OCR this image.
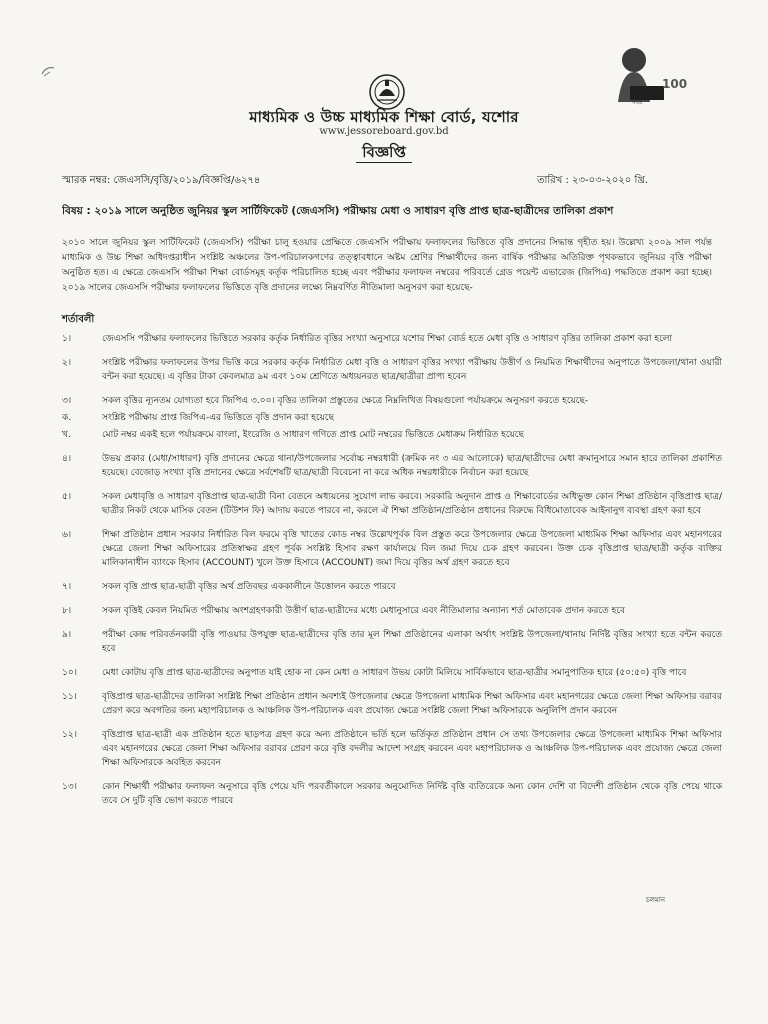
100
বছর
মাধ্যমিক ও উচ্চ মাধ্যমিক শিক্ষা বোর্ড, যশোর
www.jessoreboard.gov.bd
বিজ্ঞপ্তি
স্মারক নম্বর: জেএসসি/বৃত্তি/২০১৯/বিজ্ঞপ্তি/৬২৭৪	তারিখ : ২৩-০৩-২০২০ খ্রি.
বিষয় : ২০১৯ সালে অনুষ্ঠিত জুনিয়র স্কুল সার্টিফিকেট (জেএসসি) পরীক্ষায় মেধা ও সাধারণ বৃত্তি প্রাপ্ত ছাত্র-ছাত্রীদের তালিকা প্রকাশ
২০১০ সালে জুনিয়র স্কুল সার্টিফিকেট (জেএসসি) পরীক্ষা চালু হওয়ার প্রেক্ষিতে জেএসসি পরীক্ষায় ফলাফলের ভিত্তিতে বৃত্তি প্রদানের সিদ্ধান্ত গৃহীত হয়। উল্লেখ্য ২০০৯ সাল পর্যন্ত মাধ্যমিক ও উচ্চ শিক্ষা অধিদপ্তরাধীন সংশ্লিষ্ট অঞ্চলের উপ-পরিচালকগণের তত্ত্বাবধানে অষ্টম শ্রেণির শিক্ষার্থীদের জন্য বার্ষিক পরীক্ষার অতিরিক্ত পৃথকভাবে জুনিয়র বৃত্তি পরীক্ষা অনুষ্ঠিত হত। এ ক্ষেত্রে জেএসসি পরীক্ষা শিক্ষা বোর্ডসমূহ কর্তৃক পরিচালিত হচ্ছে এবং পরীক্ষার ফলাফল নম্বরের পরিবর্তে গ্রেড পয়েন্ট এভারেজ (জিপিএ) পদ্ধতিতে প্রকাশ করা হচ্ছে। ২০১৯ সালের জেএসসি পরীক্ষার ফলাফলের ভিত্তিতে বৃত্তি প্রদানের লক্ষ্যে নিম্নবর্ণিত নীতিমালা অনুসরণ করা হয়েছে-
শর্তাবলী
১।	জেএসসি পরীক্ষার ফলাফলের ভিত্তিতে সরকার কর্তৃক নির্ধারিত বৃত্তির সংখ্যা অনুসারে যশোর শিক্ষা বোর্ড হতে মেধা বৃত্তি ও সাধারণ বৃত্তির তালিকা প্রকাশ করা হলো
২।	সংশ্লিষ্ট পরীক্ষার ফলাফলের উপর ভিত্তি করে সরকার কর্তৃক নির্ধারিত মেধা বৃত্তি ও সাধারণ বৃত্তির সংখ্যা পরীক্ষায় উত্তীর্ণ ও নিয়মিত শিক্ষার্থীদের অনুপাতে উপজেলা/থানা ওয়ারী বন্টন করা হয়েছে। এ বৃত্তির টাকা কেবলমাত্র ৯ম এবং ১০ম শ্রেণিতে অধ্যয়নরত ছাত্র/ছাত্রীরা প্রাপ্য হবেন
৩।	সকল বৃত্তির ন্যূনতম যোগ্যতা হবে জিপিএ ৩.০০। বৃত্তির তালিকা প্রস্তুতের ক্ষেত্রে নিম্নলিখিত বিষয়গুলো পর্যায়ক্রমে অনুসরণ করতে হয়েছে-
ক.	সংশ্লিষ্ট পরীক্ষায় প্রাপ্ত জিপিএ-এর ভিত্তিতে বৃত্তি প্রদান করা হয়েছে
খ.	মোট নম্বর একই হলে পর্যায়ক্রমে বাংলা, ইংরেজি ও সাধারণ গণিতে প্রাপ্ত মোট নম্বরের ভিত্তিতে মেধাক্রম নির্ধারিত হয়েছে
৪।	উভয় প্রকার (মেধা/সাধারণ) বৃত্তি প্রদানের ক্ষেত্রে থানা/উপজেলার সর্বোচ্চ নম্বরধারী (ক্রমিক নং ৩ এর আলোকে) ছাত্র/ছাত্রীদের মেধা ক্রমানুসারে সমান হারে তালিকা প্রকাশিত হয়েছে। বেজোড় সংখ্যা বৃত্তি প্রদানের ক্ষেত্রে সর্বশেষটি ছাত্র/ছাত্রী বিবেচনা না করে অধিক নম্বরধারীকে নির্বাচন করা হয়েছে
৫।	সকল মেধাবৃত্তি ও সাধারণ বৃত্তিপ্রাপ্ত ছাত্র-ছাত্রী বিনা বেতনে অধ্যয়নের সুযোগ লাভ করবে। সরকারি অনুদান প্রাপ্ত ও শিক্ষাবোর্ডের অধিভুক্ত কোন শিক্ষা প্রতিষ্ঠান বৃত্তিপ্রাপ্ত ছাত্র/ছাত্রীর নিকট থেকে মাসিক বেতন (টিউশন ফি) আদায় করতে পারবে না, করলে ঐ শিক্ষা প্রতিষ্ঠান/প্রতিষ্ঠান প্রধানের বিরুদ্ধে বিধিমোতাবেক আইনানুগ ব্যবস্থা গ্রহণ করা হবে
৬।	শিক্ষা প্রতিষ্ঠান প্রধান সরকার নির্ধারিত বিল ফরমে বৃত্তি খাতের কোড নম্বর উল্লেখপূর্বক বিল প্রস্তুত করে উপজেলার ক্ষেত্রে উপজেলা মাধ্যমিক শিক্ষা অফিসার এবং মহানগরের ক্ষেত্রে জেলা শিক্ষা অফিসারের প্রতিস্বাক্ষর গ্রহণ পূর্বক সংশ্লিষ্ট হিসাব রক্ষণ কার্যালয়ে বিল জমা দিয়ে চেক গ্রহণ করবেন। উক্ত চেক বৃত্তিপ্রাপ্ত ছাত্র/ছাত্রী কর্তৃক ব্যক্তির মালিকানাধীন ব্যাংকে হিসাব (ACCOUNT) খুলে উক্ত হিসাবে (ACCOUNT) জমা দিয়ে বৃত্তির অর্থ গ্রহণ করতে হবে
৭।	সকল বৃত্তি প্রাপ্ত ছাত্র-ছাত্রী বৃত্তির অর্থ প্রতিবছর এককালীনে উত্তোলন করতে পারবে
৮।	সকল বৃত্তিই কেবল নিয়মিত পরীক্ষায় অংশগ্রহণকারী উত্তীর্ণ ছাত্র-ছাত্রীদের মধ্যে মেধানুসারে এবং নীতিমালার অন্যান্য শর্ত মোতাবেক প্রদান করতে হবে
৯।	পরীক্ষা কেন্দ্র পরিবর্তনকারী বৃত্তি পাওয়ার উপযুক্ত ছাত্র-ছাত্রীদের বৃত্তি তার মূল শিক্ষা প্রতিষ্ঠানের এলাকা অর্থাৎ সংশ্লিষ্ট উপজেলা/থানায় নির্দিষ্ট বৃত্তির সংখ্যা হতে বন্টন করতে হবে
১০।	মেধা কোটায় বৃত্তি প্রাপ্ত ছাত্র-ছাত্রীদের অনুপাত যাই হোক না কেন মেধা ও সাধারণ উভয় কোটা মিলিয়ে সার্বিকভাবে ছাত্র-ছাত্রীর সমানুপাতিক হারে (৫০:৫০) বৃত্তি পাবে
১১।	বৃত্তিপ্রাপ্ত ছাত্র-ছাত্রীদের তালিকা সংশ্লিষ্ট শিক্ষা প্রতিষ্ঠান প্রধান অবশ্যই উপজেলার ক্ষেত্রে উপজেলা মাধ্যমিক শিক্ষা অফিসার এবং মহানগরের ক্ষেত্রে জেলা শিক্ষা অফিসার বরাবর প্রেরণ করে অবগতির জন্য মহাপরিচালক ও আঞ্চলিক উপ-পরিচালক এবং প্রযোজ্য ক্ষেত্রে সংশ্লিষ্ট জেলা শিক্ষা অফিসারকে অনুলিপি প্রদান করবেন
১২।	বৃত্তিপ্রাপ্ত ছাত্র-ছাত্রী এক প্রতিষ্ঠান হতে ছাড়পত্র গ্রহণ করে অন্য প্রতিষ্ঠানে ভর্তি হলে ভর্তিকৃত প্রতিষ্ঠান প্রধান সে তথ্য উপজেলার ক্ষেত্রে উপজেলা মাধ্যমিক শিক্ষা অফিসার এবং মহানগরের ক্ষেত্রে জেলা শিক্ষা অফিসার বরাবর প্রেরণ করে বৃত্তি বদলীর আদেশ সংগ্রহ করবেন এবং মহাপরিচালক ও আঞ্চলিক উপ-পরিচালক এবং প্রযোজ্য ক্ষেত্রে জেলা শিক্ষা অফিসারকে অবহিত করবেন
১৩।	কোন শিক্ষার্থী পরীক্ষার ফলাফল অনুসারে বৃত্তি পেয়ে যদি পরবর্তীকালে সরকার অনুমোদিত নির্দিষ্ট বৃত্তি ব্যতিরেকে অন্য কোন দেশি বা বিদেশী প্রতিষ্ঠান থেকে বৃত্তি পেয়ে থাকে তবে সে দুটি বৃত্তি ভোগ করতে পারবে
চলমান
